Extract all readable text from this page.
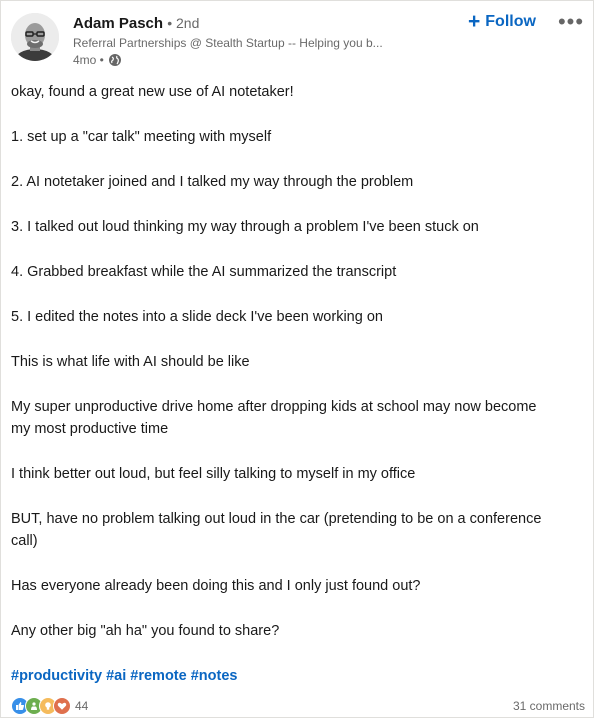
Adam Pasch • 2nd
Referral Partnerships @ Stealth Startup -- Helping you b...
4mo •
+ Follow •••

okay, found a great new use of AI notetaker!

1. set up a "car talk" meeting with myself

2. AI notetaker joined and I talked my way through the problem

3. I talked out loud thinking my way through a problem I've been stuck on

4. Grabbed breakfast while the AI summarized the transcript

5. I edited the notes into a slide deck I've been working on

This is what life with AI should be like

My super unproductive drive home after dropping kids at school may now become my most productive time

I think better out loud, but feel silly talking to myself in my office

BUT, have no problem talking out loud in the car (pretending to be on a conference call)

Has everyone already been doing this and I only just found out?

Any other big "ah ha" you found to share?

#productivity #ai #remote #notes
44	31 comments
